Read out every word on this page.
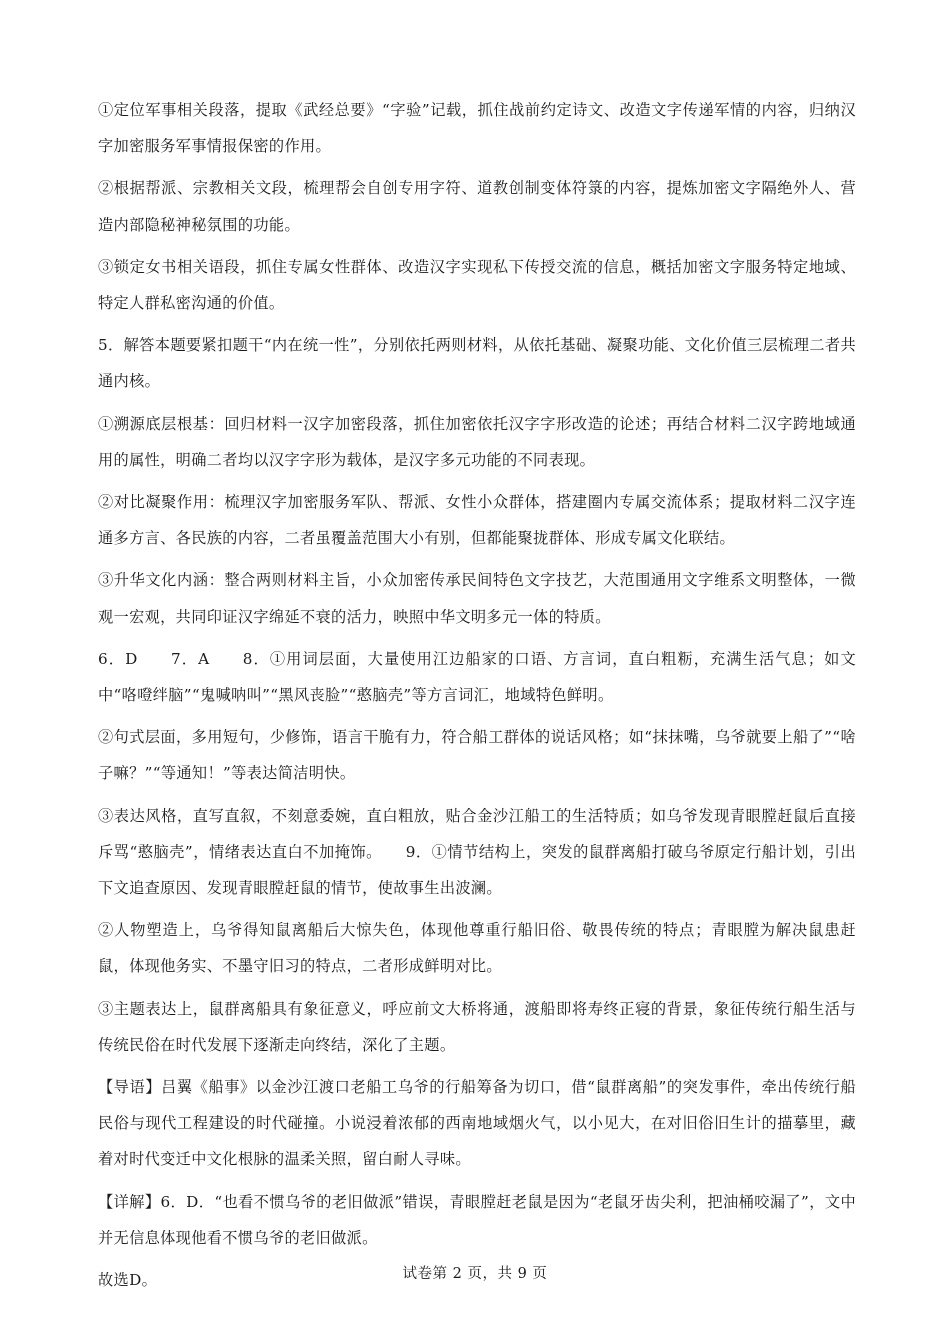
①定位军事相关段落，提取《武经总要》“字验”记载，抓住战前约定诗文、改造文字传递军情的内容，归纳汉字加密服务军事情报保密的作用。

②根据帮派、宗教相关文段，梳理帮会自创专用字符、道教创制变体符箓的内容，提炼加密文字隔绝外人、营造内部隐秘神秘氛围的功能。

③锁定女书相关语段，抓住专属女性群体、改造汉字实现私下传授交流的信息，概括加密文字服务特定地域、特定人群私密沟通的价值。

5．解答本题要紧扣题干“内在统一性”，分别依托两则材料，从依托基础、凝聚功能、文化价值三层梳理二者共通内核。

①溯源底层根基：回归材料一汉字加密段落，抓住加密依托汉字字形改造的论述；再结合材料二汉字跨地域通用的属性，明确二者均以汉字字形为载体，是汉字多元功能的不同表现。

②对比凝聚作用：梳理汉字加密服务军队、帮派、女性小众群体，搭建圈内专属交流体系；提取材料二汉字连通多方言、各民族的内容，二者虽覆盖范围大小有别，但都能聚拢群体、形成专属文化联结。

③升华文化内涵：整合两则材料主旨，小众加密传承民间特色文字技艺，大范围通用文字维系文明整体，一微观一宏观，共同印证汉字绵延不衰的活力，映照中华文明多元一体的特质。

6．D　　7．A　　8．①用词层面，大量使用江边船家的口语、方言词，直白粗粝，充满生活气息；如文中“咯噔绊脑”“鬼喊呐叫”“黑风丧脸”“憨脑壳”等方言词汇，地域特色鲜明。

②句式层面，多用短句，少修饰，语言干脆有力，符合船工群体的说话风格；如“抹抹嘴，乌爷就要上船了”“啥子嘛？”“等通知！”等表达简洁明快。

③表达风格，直写直叙，不刻意委婉，直白粗放，贴合金沙江船工的生活特质；如乌爷发现青眼膛赶鼠后直接斥骂“憨脑壳”，情绪表达直白不加掩饰。　　9．①情节结构上，突发的鼠群离船打破乌爷原定行船计划，引出下文追查原因、发现青眼膛赶鼠的情节，使故事生出波澜。

②人物塑造上，乌爷得知鼠离船后大惊失色，体现他尊重行船旧俗、敬畏传统的特点；青眼膛为解决鼠患赶鼠，体现他务实、不墨守旧习的特点，二者形成鲜明对比。

③主题表达上，鼠群离船具有象征意义，呼应前文大桥将通，渡船即将寿终正寝的背景，象征传统行船生活与传统民俗在时代发展下逐渐走向终结，深化了主题。

【导语】吕翼《船事》以金沙江渡口老船工乌爷的行船筹备为切口，借“鼠群离船”的突发事件，牵出传统行船民俗与现代工程建设的时代碰撞。小说浸着浓郁的西南地域烟火气，以小见大，在对旧俗旧生计的描摹里，藏着对时代变迁中文化根脉的温柔关照，留白耐人寻味。

【详解】6．D．“也看不惯乌爷的老旧做派”错误，青眼膛赶老鼠是因为“老鼠牙齿尖利，把油桶咬漏了”，文中并无信息体现他看不惯乌爷的老旧做派。

故选D。	试卷第 2 页，共 9 页
